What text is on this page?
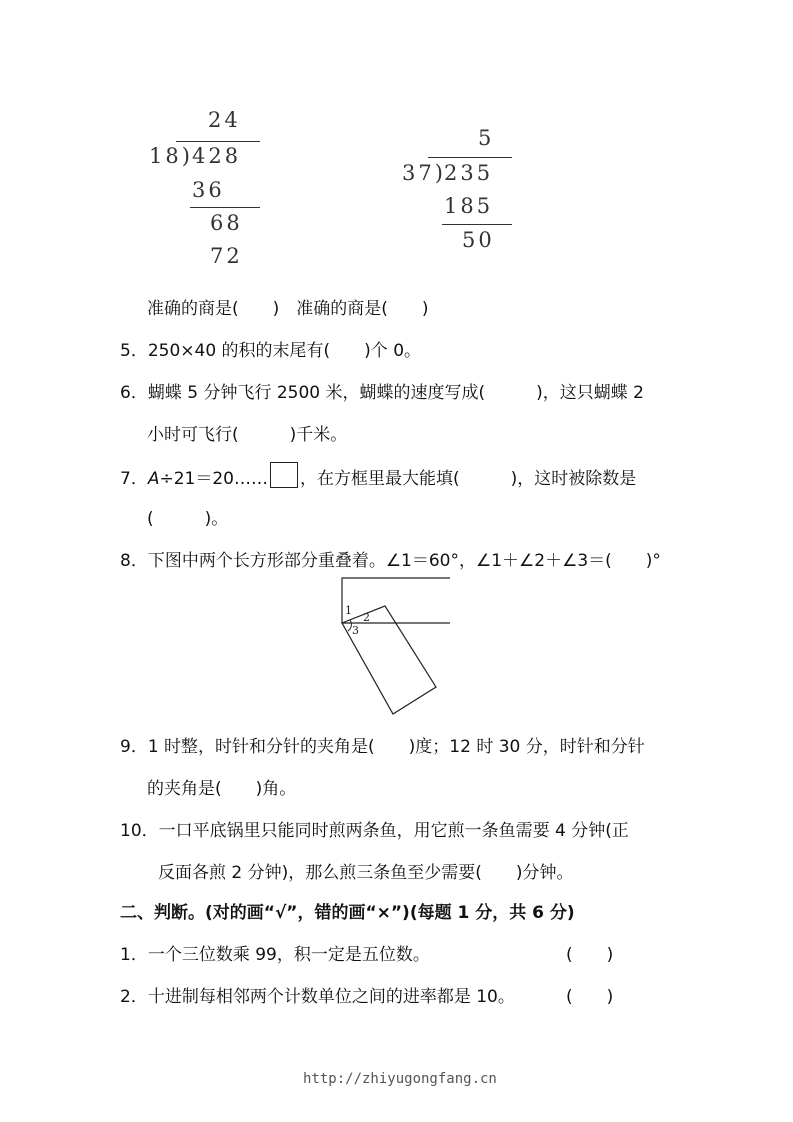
24
18) 428
36
68
72
5
37)
235
185
50
准确的商是(　　)　准确的商是(　　)
5．250×40 的积的末尾有(　　)个 0。
6．蝴蝶 5 分钟飞行 2500 米，蝴蝶的速度写成(　　　)，这只蝴蝶 2
小时可飞行(　　　)千米。
7．A÷21＝20…… ，在方框里最大能填(　　　)，这时被除数是
(　　　)。
8．下图中两个长方形部分重叠着。∠1＝60°，∠1＋∠2＋∠3＝(　　)°
1
2
3
9．1 时整，时针和分针的夹角是(　　)度；12 时 30 分，时针和分针
的夹角是(　　)角。
10．一口平底锅里只能同时煎两条鱼，用它煎一条鱼需要 4 分钟(正
反面各煎 2 分钟)，那么煎三条鱼至少需要(　　)分钟。
二、判断。(对的画“√”，错的画“×”)(每题 1 分，共 6 分)
1．一个三位数乘 99，积一定是五位数。	(　　)
2．十进制每相邻两个计数单位之间的进率都是 10。	(　　)
http://zhiyugongfang.cn
